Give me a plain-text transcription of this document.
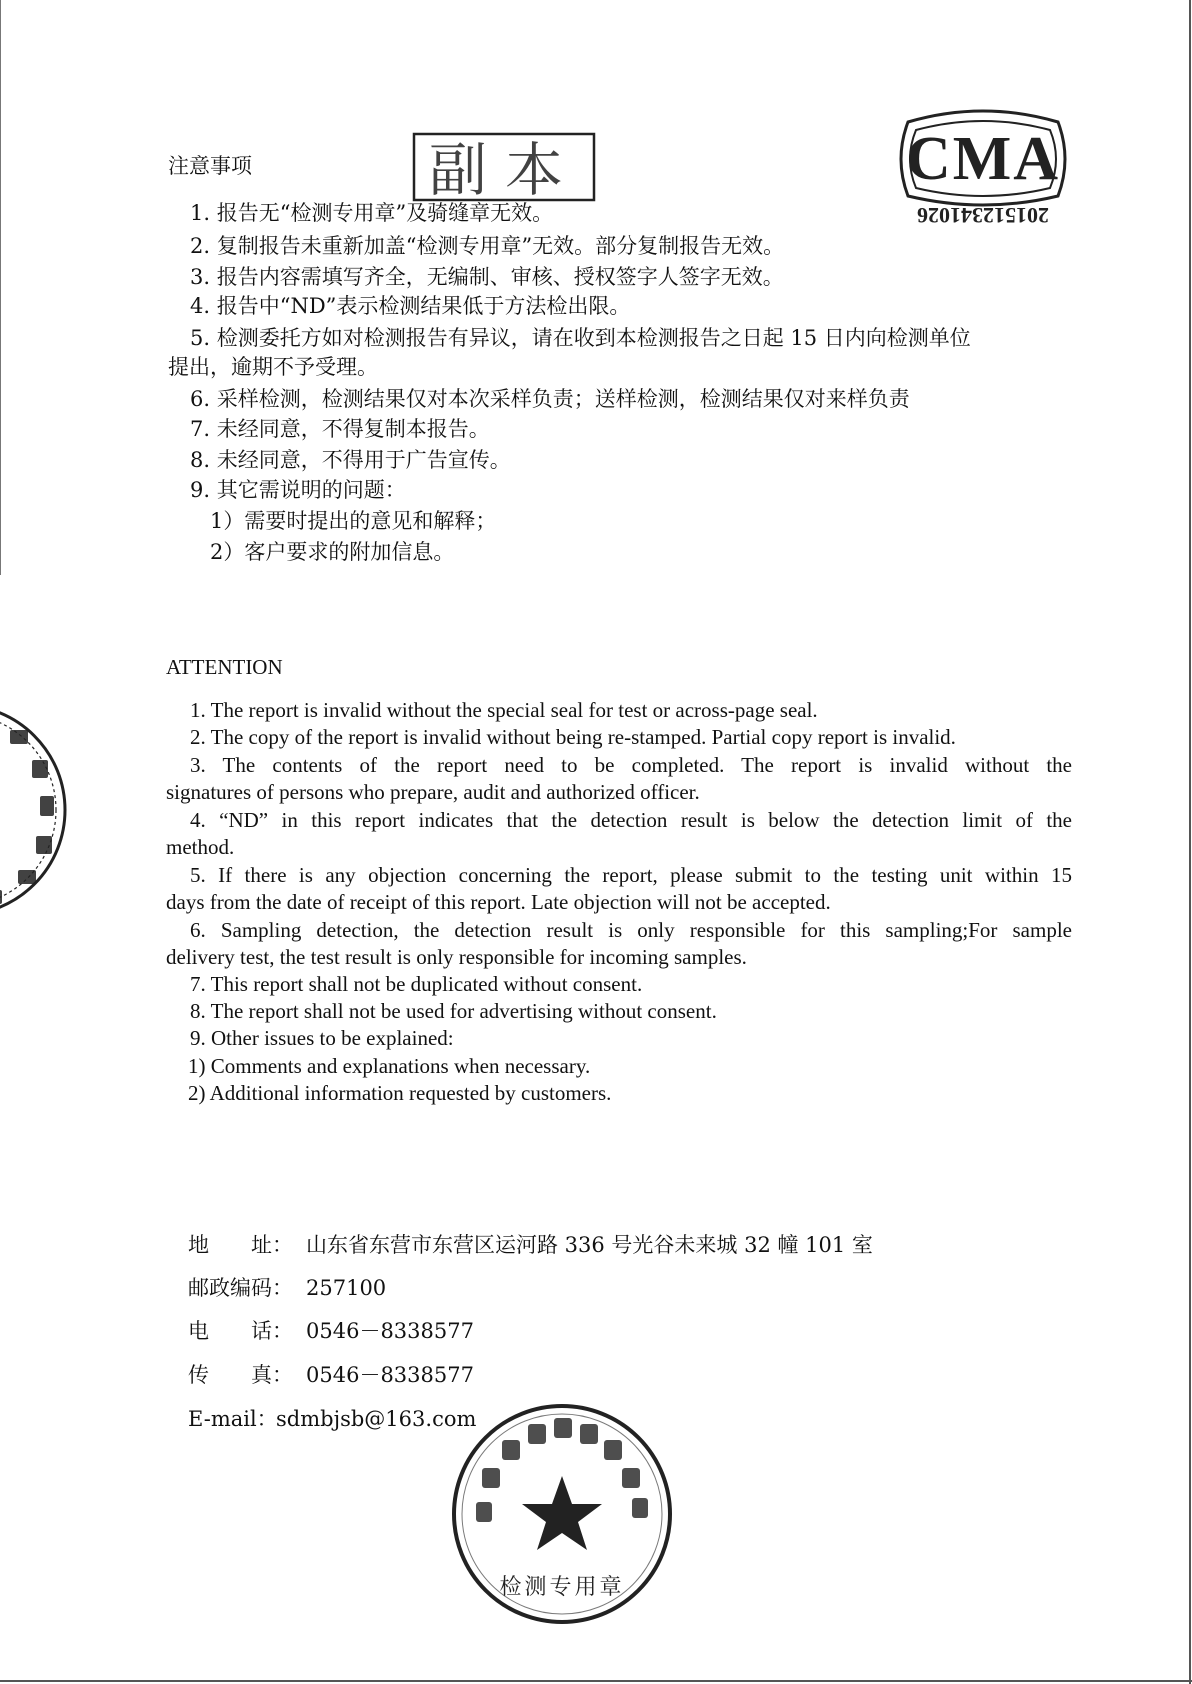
CMA
201512341026
副本
注意事项
1. 报告无“检测专用章”及骑缝章无效。
2. 复制报告未重新加盖“检测专用章”无效。部分复制报告无效。
3. 报告内容需填写齐全，无编制、审核、授权签字人签字无效。
4. 报告中“ND”表示检测结果低于方法检出限。
5. 检测委托方如对检测报告有异议，请在收到本检测报告之日起 15 日内向检测单位
提出，逾期不予受理。
6. 采样检测，检测结果仅对本次采样负责；送样检测，检测结果仅对来样负责
7. 未经同意，不得复制本报告。
8. 未经同意，不得用于广告宣传。
9. 其它需说明的问题：
1）需要时提出的意见和解释；
2）客户要求的附加信息。
ATTENTION
1. The report is invalid without the special seal for test or across-page seal.
2. The copy of the report is invalid without being re-stamped. Partial copy report is invalid.
3. The contents of the report need to be completed. The report is invalid without the
signatures of persons who prepare, audit and authorized officer.
4. “ND” in this report indicates that the detection result is below the detection limit of the
method.
5. If there is any objection concerning the report, please submit to the testing unit within 15
days from the date of receipt of this report. Late objection will not be accepted.
6. Sampling detection, the detection result is only responsible for this sampling;For sample
delivery test, the test result is only responsible for incoming samples.
7. This report shall not be duplicated without consent.
8. The report shall not be used for advertising without consent.
9. Other issues to be explained:
1) Comments and explanations when necessary.
2) Additional information requested by customers.
地　　址： 山东省东营市东营区运河路 336 号光谷未来城 32 幢 101 室
邮政编码： 257100
电　　话： 0546－8338577
传　　真： 0546－8338577
E-mail：
sdmbjsb@163.com
检测专用章
